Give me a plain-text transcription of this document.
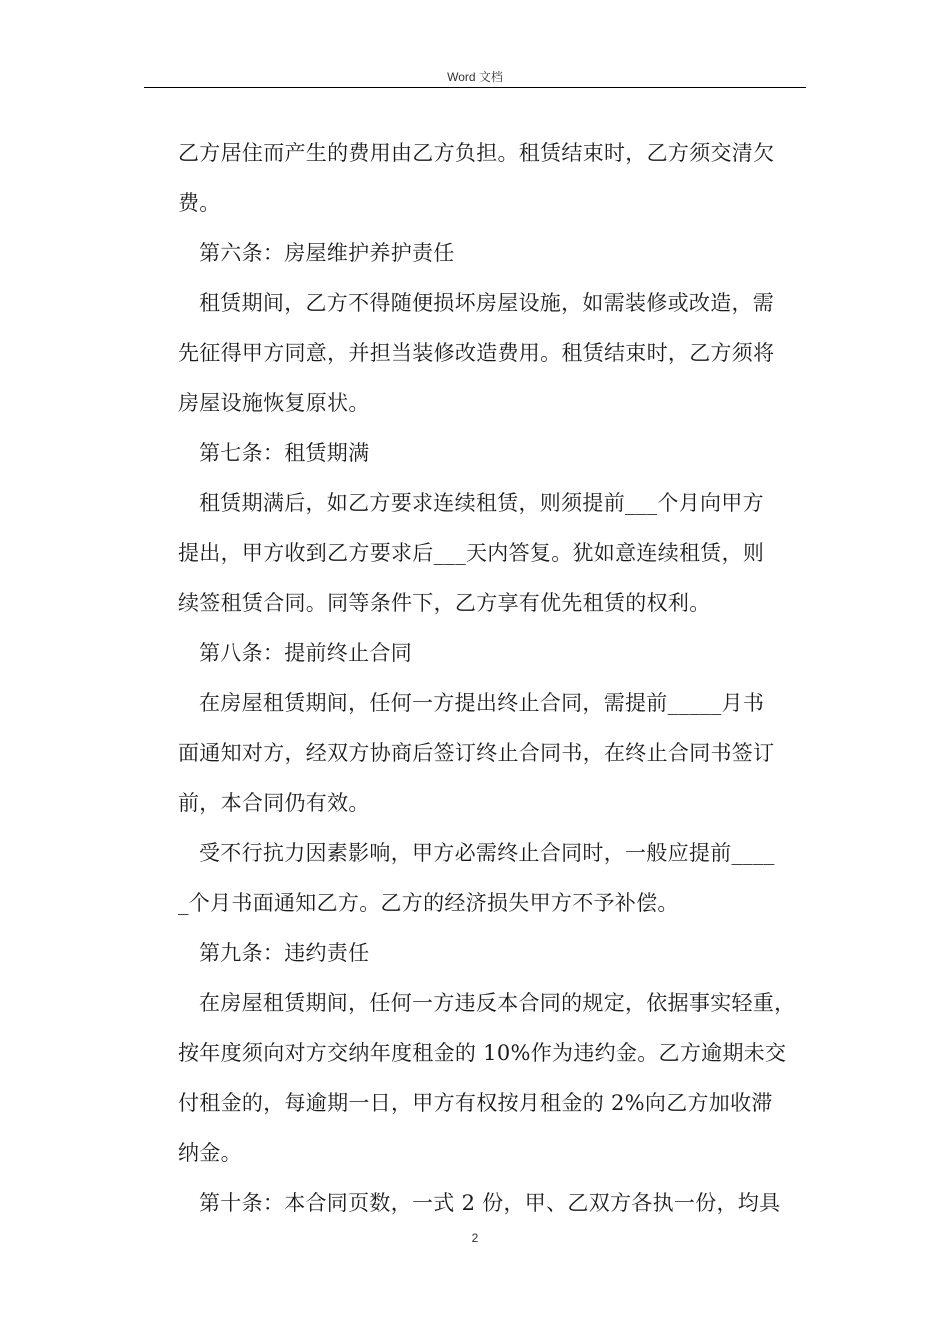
Word 文档
乙方居住而产生的费用由乙方负担。租赁结束时，乙方须交清欠
费。
第六条：房屋维护养护责任
租赁期间，乙方不得随便损坏房屋设施，如需装修或改造，需
先征得甲方同意，并担当装修改造费用。租赁结束时，乙方须将
房屋设施恢复原状。
第七条：租赁期满
租赁期满后，如乙方要求连续租赁，则须提前___个月向甲方
提出，甲方收到乙方要求后___天内答复。犹如意连续租赁，则
续签租赁合同。同等条件下，乙方享有优先租赁的权利。
第八条：提前终止合同
在房屋租赁期间，任何一方提出终止合同，需提前_____月书
面通知对方，经双方协商后签订终止合同书，在终止合同书签订
前，本合同仍有效。
受不行抗力因素影响，甲方必需终止合同时，一般应提前____
_个月书面通知乙方。乙方的经济损失甲方不予补偿。
第九条：违约责任
在房屋租赁期间，任何一方违反本合同的规定，依据事实轻重，
按年度须向对方交纳年度租金的 10%作为违约金。乙方逾期未交
付租金的，每逾期一日，甲方有权按月租金的 2%向乙方加收滞
纳金。
第十条：本合同页数，一式 2 份，甲、乙双方各执一份，均具
2
